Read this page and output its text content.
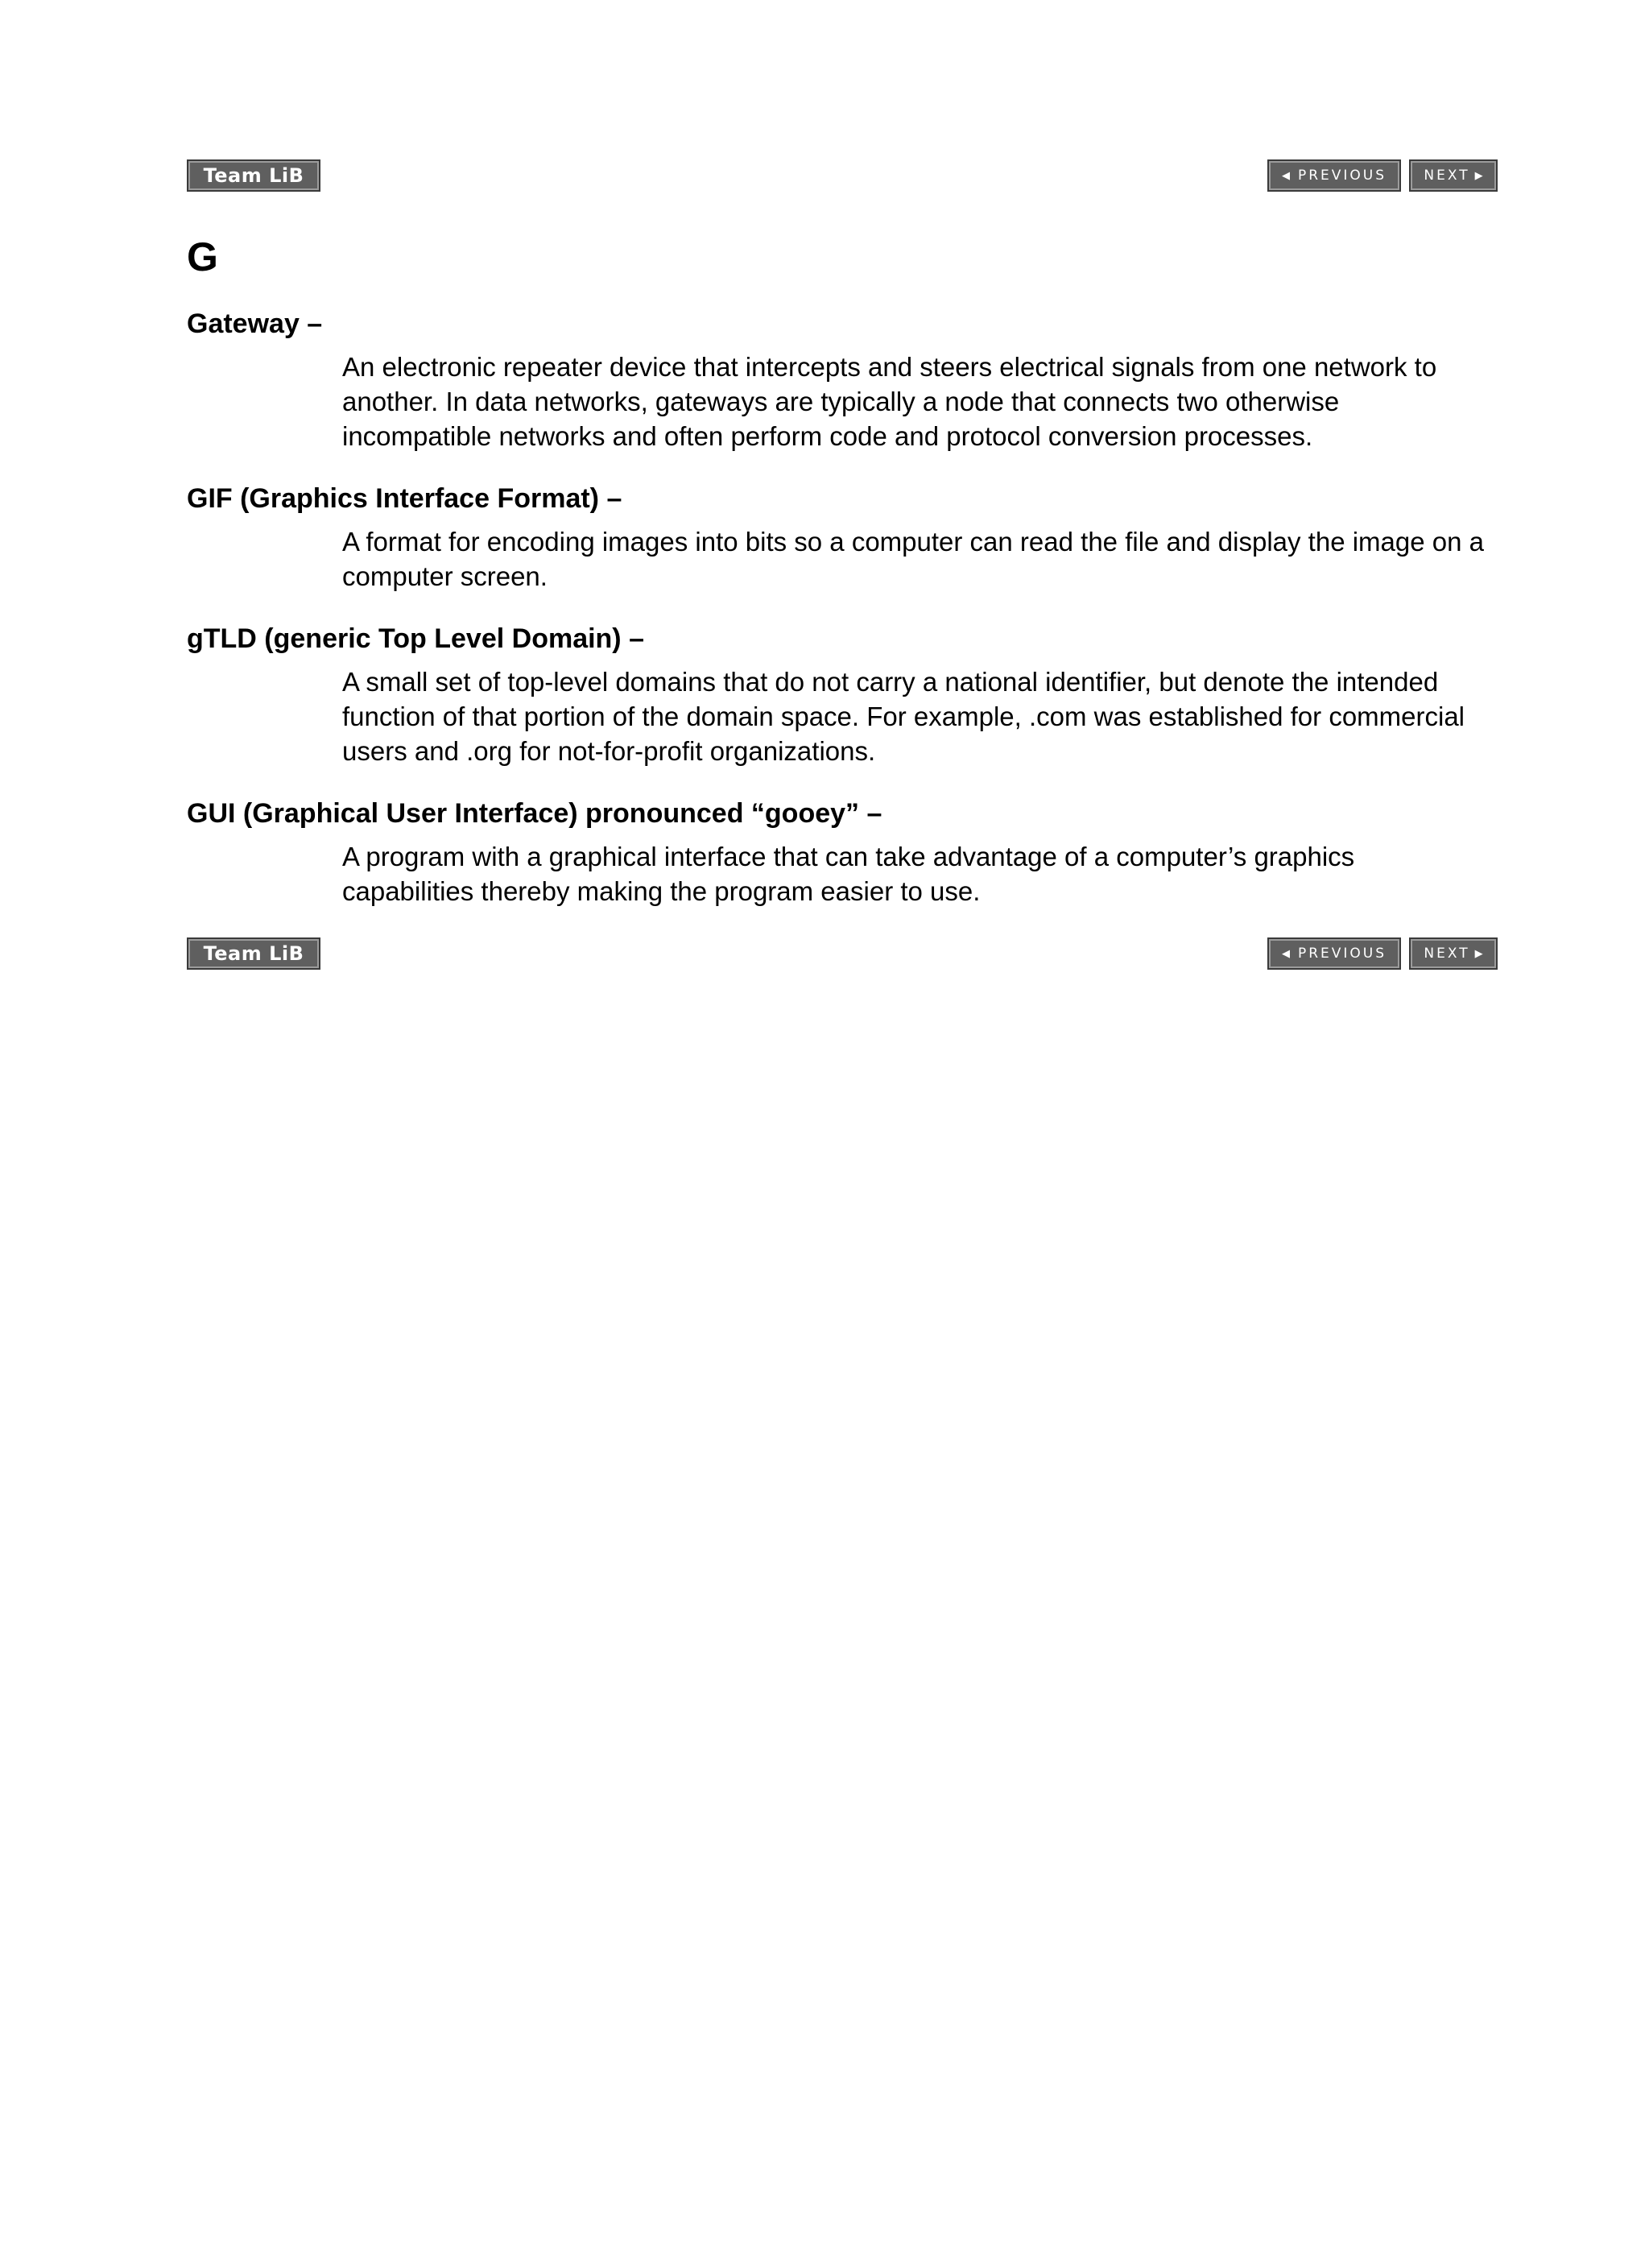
Team LiB	◀ PREVIOUS	NEXT ▶
G

Gateway –

An electronic repeater device that intercepts and steers electrical signals from one network to another. In data networks, gateways are typically a node that connects two otherwise incompatible networks and often perform code and protocol conversion processes.

GIF (Graphics Interface Format) –

A format for encoding images into bits so a computer can read the file and display the image on a computer screen.

gTLD (generic Top Level Domain) –

A small set of top-level domains that do not carry a national identifier, but denote the intended function of that portion of the domain space. For example, .com was established for commercial users and .org for not-for-profit organizations.

GUI (Graphical User Interface) pronounced “gooey” –

A program with a graphical interface that can take advantage of a computer’s graphics capabilities thereby making the program easier to use.

Team LiB	◀ PREVIOUS	NEXT ▶
